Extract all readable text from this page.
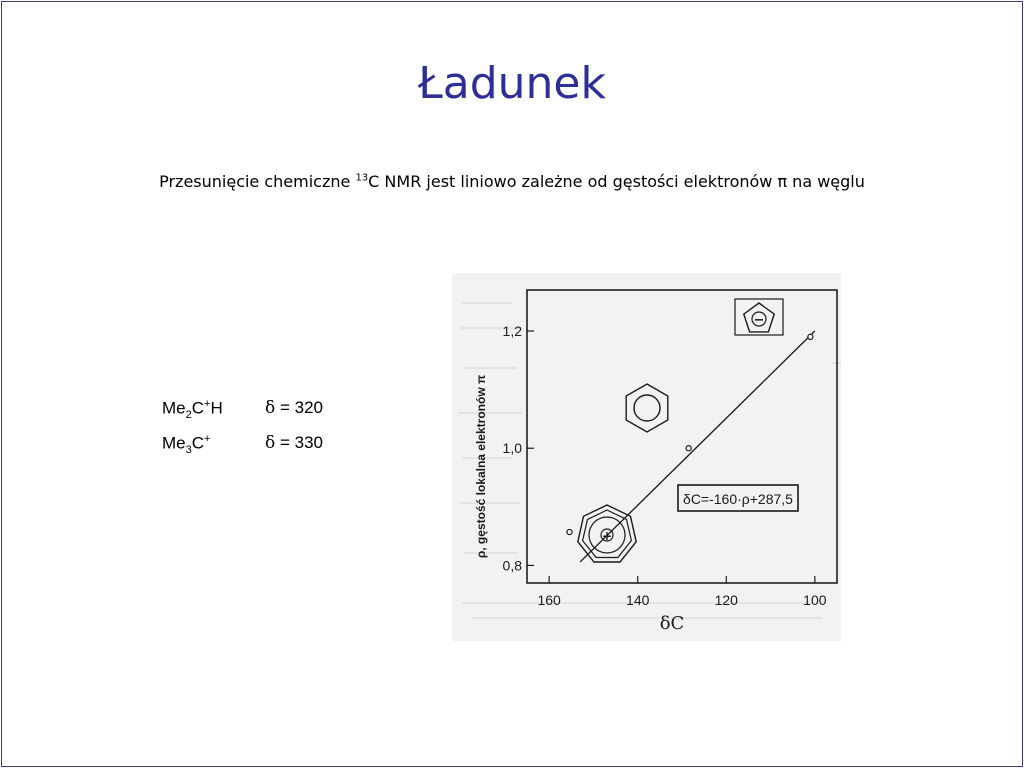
Ładunek
Przesunięcie chemiczne $^{13}$C NMR jest liniowo zależne od gęstości elektronów π na węglu
$Me_2C^+H$ δ = 320
$Me_3C^+$	δ = 330
160	140	120	100
0,8
1,0
1,2
δC
ρ, gęstość lokalna elektronów π	δC=-160·ρ+287,5
−
+
